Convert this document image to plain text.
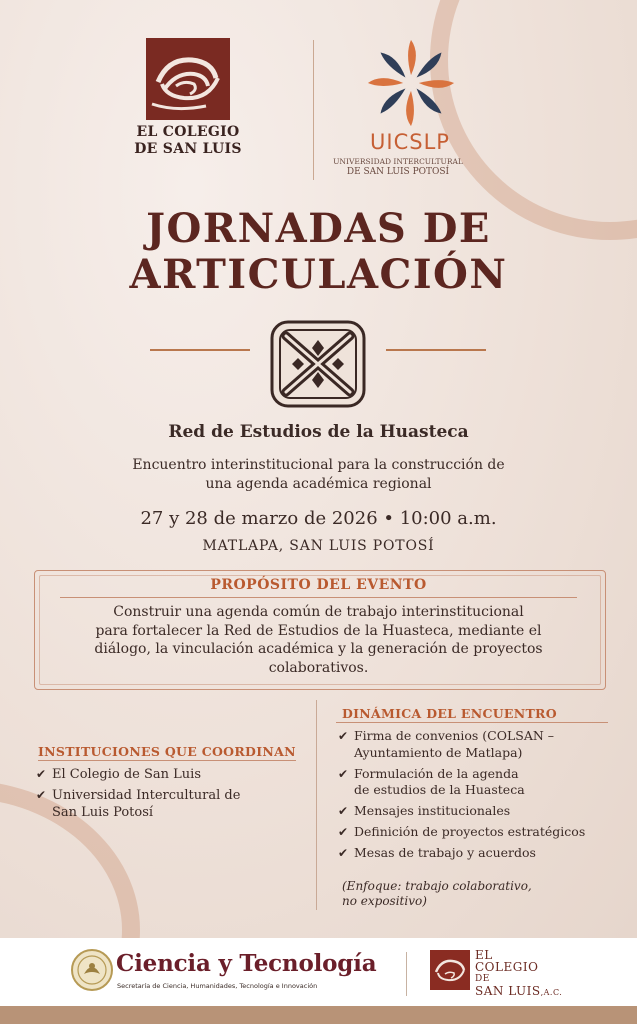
EL COLEGIO
DE SAN LUIS	UICSLP
UNIVERSIDAD INTERCULTURAL
DE SAN LUIS POTOSÍ
JORNADAS DE
ARTICULACIÓN
Red de Estudios de la Huasteca
Encuentro interinstitucional para la construcción de
una agenda académica regional
27 y 28 de marzo de 2026 • 10:00 a.m.
MATLAPA, SAN LUIS POTOSÍ
PROPÓSITO DEL EVENTO
Construir una agenda común de trabajo interinstitucional
para fortalecer la Red de Estudios de la Huasteca, mediante el
diálogo, la vinculación académica y la generación de proyectos
colaborativos.
INSTITUCIONES QUE COORDINAN
✔ El Colegio de San Luis
✔ Universidad Intercultural de
San Luis Potosí
DINÁMICA DEL ENCUENTRO
✔ Firma de convenios (COLSAN –
Ayuntamiento de Matlapa)
✔ Formulación de la agenda
de estudios de la Huasteca
✔ Mensajes institucionales
✔ Definición de proyectos estratégicos
✔ Mesas de trabajo y acuerdos
(Enfoque: trabajo colaborativo,
no expositivo)
Ciencia y Tecnología
Secretaría de Ciencia, Humanidades, Tecnología e Innovación
EL
COLEGIO
DE
SAN LUIS,A.C.
